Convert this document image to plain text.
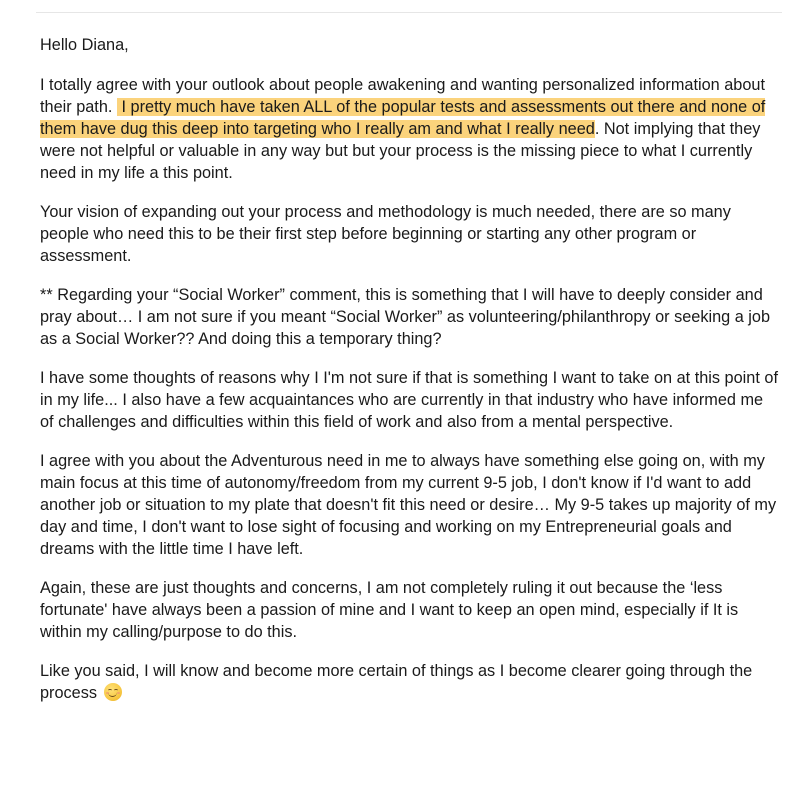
Hello Diana,

I totally agree with your outlook about people awakening and wanting personalized information about their path. I pretty much have taken ALL of the popular tests and assessments out there and none of them have dug this deep into targeting who I really am and what I really need. Not implying that they were not helpful or valuable in any way but but your process is the missing piece to what I currently need in my life a this point.

Your vision of expanding out your process and methodology is much needed, there are so many people who need this to be their first step before beginning or starting any other program or assessment.

** Regarding your “Social Worker” comment, this is something that I will have to deeply consider and pray about… I am not sure if you meant “Social Worker” as volunteering/philanthropy or seeking a job as a Social Worker?? And doing this a temporary thing?

I have some thoughts of reasons why I I'm not sure if that is something I want to take on at this point of in my life... I also have a few acquaintances who are currently in that industry who have informed me of challenges and difficulties within this field of work and also from a mental perspective.

I agree with you about the Adventurous need in me to always have something else going on, with my main focus at this time of autonomy/freedom from my current 9-5 job, I don't know if I'd want to add another job or situation to my plate that doesn't fit this need or desire… My 9-5 takes up majority of my day and time, I don't want to lose sight of focusing and working on my Entrepreneurial goals and dreams with the little time I have left.

Again, these are just thoughts and concerns, I am not completely ruling it out because the ‘less fortunate' have always been a passion of mine and I want to keep an open mind, especially if It is within my calling/purpose to do this.

Like you said, I will know and become more certain of things as I become clearer going through the process
